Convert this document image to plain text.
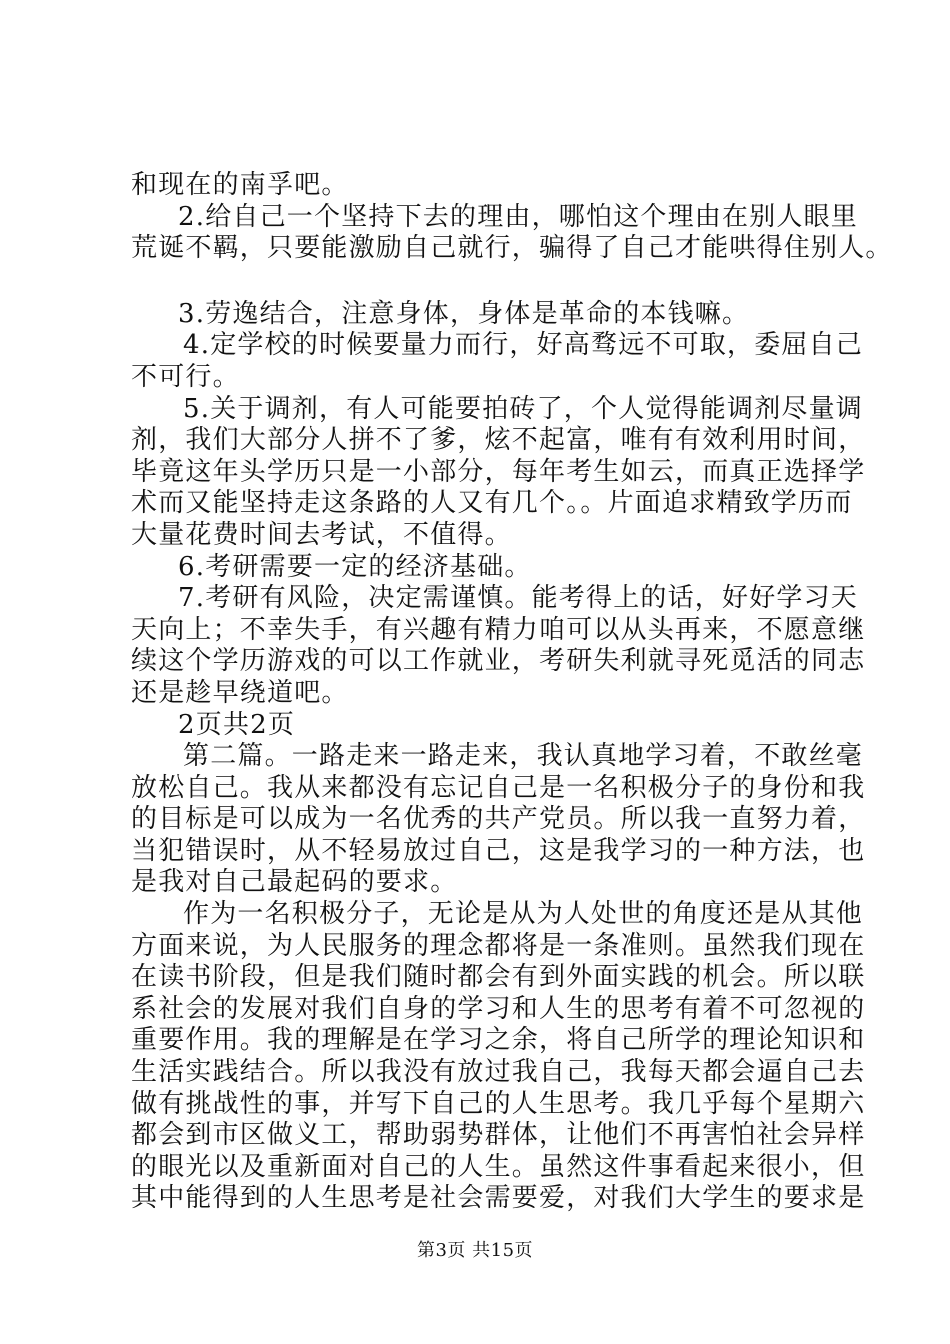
和现在的南孚吧。
2.给自己一个坚持下去的理由，哪怕这个理由在别人眼里
荒诞不羁，只要能激励自己就行，骗得了自己才能哄得住别人。
3.劳逸结合，注意身体，身体是革命的本钱嘛。
4.定学校的时候要量力而行，好高骛远不可取，委屈自己
不可行。
5.关于调剂，有人可能要拍砖了，个人觉得能调剂尽量调
剂，我们大部分人拼不了爹，炫不起富，唯有有效利用时间，
毕竟这年头学历只是一小部分，每年考生如云，而真正选择学
术而又能坚持走这条路的人又有几个。。片面追求精致学历而
大量花费时间去考试，不值得。
6.考研需要一定的经济基础。
7.考研有风险，决定需谨慎。能考得上的话，好好学习天
天向上；不幸失手，有兴趣有精力咱可以从头再来，不愿意继
续这个学历游戏的可以工作就业，考研失利就寻死觅活的同志
还是趁早绕道吧。
2页共2页
第二篇。一路走来一路走来，我认真地学习着，不敢丝毫
放松自己。我从来都没有忘记自己是一名积极分子的身份和我
的目标是可以成为一名优秀的共产党员。所以我一直努力着，
当犯错误时，从不轻易放过自己，这是我学习的一种方法，也
是我对自己最起码的要求。
作为一名积极分子，无论是从为人处世的角度还是从其他
方面来说，为人民服务的理念都将是一条准则。虽然我们现在
在读书阶段，但是我们随时都会有到外面实践的机会。所以联
系社会的发展对我们自身的学习和人生的思考有着不可忽视的
重要作用。我的理解是在学习之余，将自己所学的理论知识和
生活实践结合。所以我没有放过我自己，我每天都会逼自己去
做有挑战性的事，并写下自己的人生思考。我几乎每个星期六
都会到市区做义工，帮助弱势群体，让他们不再害怕社会异样
的眼光以及重新面对自己的人生。虽然这件事看起来很小，但
其中能得到的人生思考是社会需要爱，对我们大学生的要求是
第3页 共15页
